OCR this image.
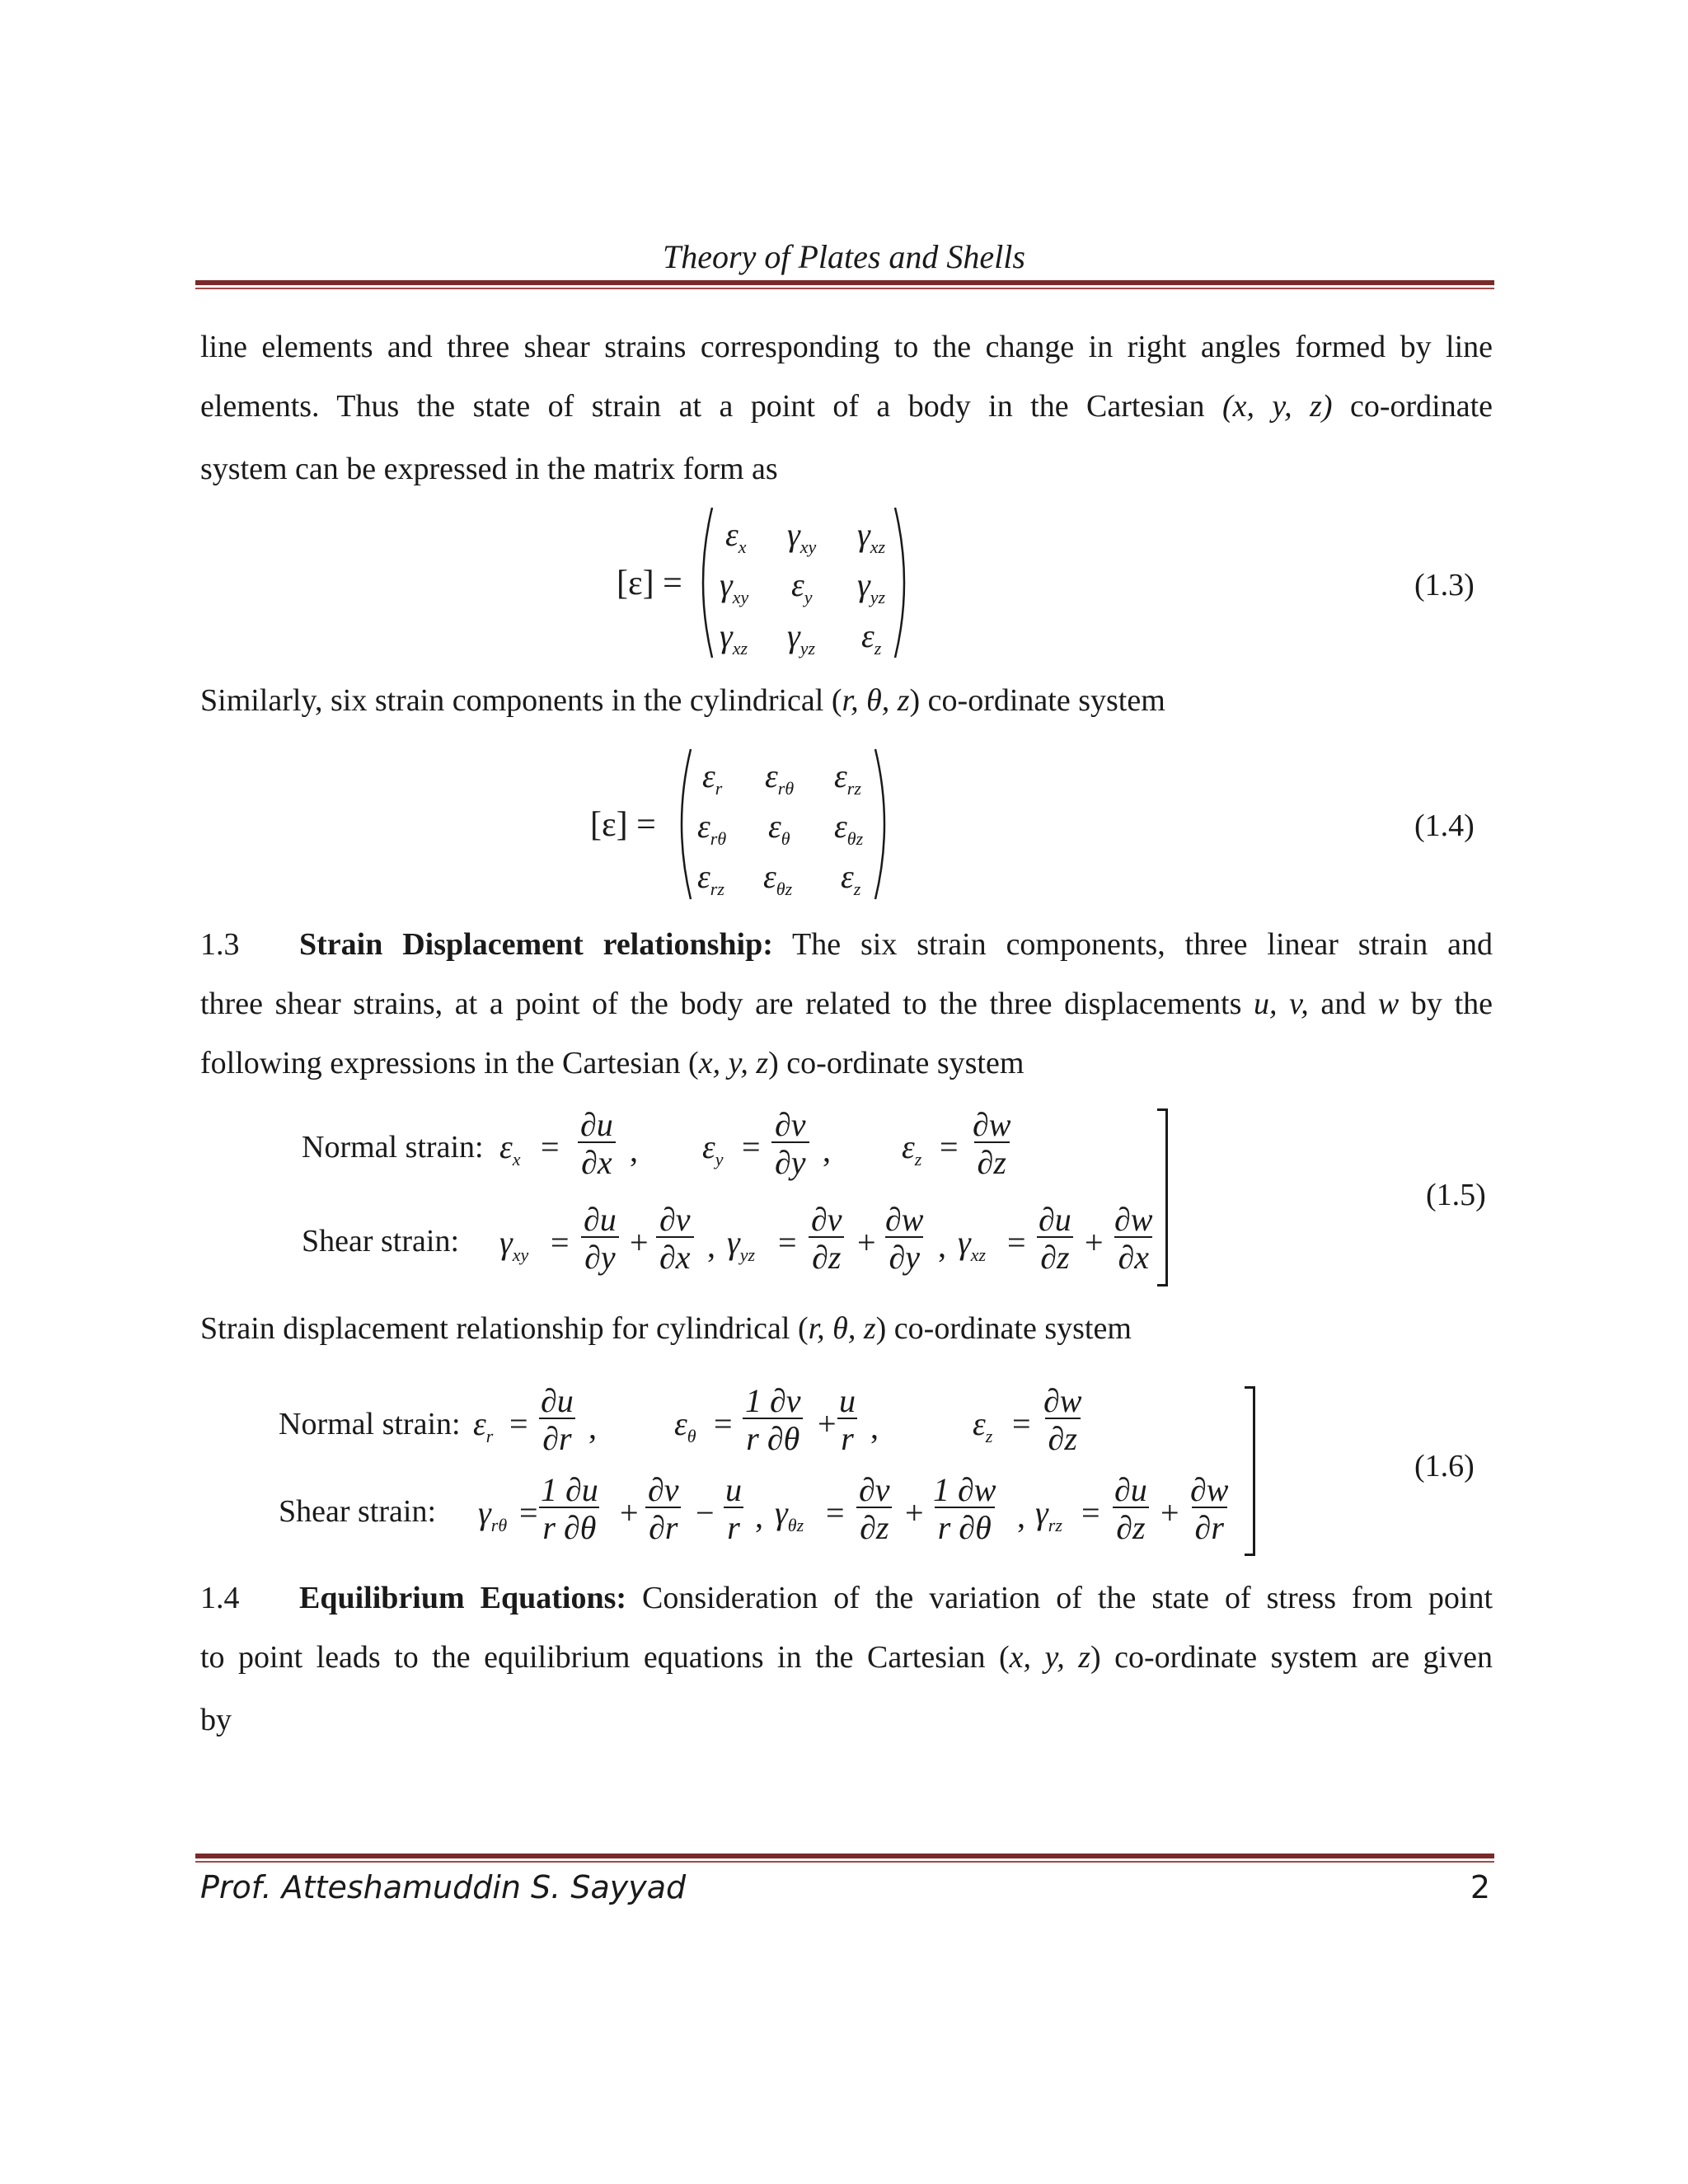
Theory of Plates and Shells
line elements and three shear strains corresponding to the change in right angles formed by line
elements. Thus the state of strain at a point of a body in the Cartesian (x, y, z) co-ordinate
system can be expressed in the matrix form as
[ε] =
$\varepsilon_x$ $\gamma_{xy}$ $\gamma_{xz}$
$\gamma_{xy}$ $\varepsilon_y$ $\gamma_{yz}$
$\gamma_{xz}$ $\gamma_{yz}$ $\varepsilon_z$
(1.3)
Similarly, six strain components in the cylindrical (r, θ, z) co-ordinate system
[ε] =
$\varepsilon_r$ $\varepsilon_{r\theta}$ $\varepsilon_{rz}$
$\varepsilon_{r\theta}$ $\varepsilon_\theta$ $\varepsilon_{\theta z}$
$\varepsilon_{rz}$ $\varepsilon_{\theta z}$ $\varepsilon_z$
(1.4)
1.3 Strain Displacement relationship: The six strain components, three linear strain and
three shear strains, at a point of the body are related to the three displacements u, v, and w by the
following expressions in the Cartesian (x, y, z) co-ordinate system
Normal strain: $\varepsilon_x = \frac{\partial u}{\partial x}$ , $\varepsilon_y = \frac{\partial v}{\partial y}$ , $\varepsilon_z = \frac{\partial w}{\partial z}$
Shear strain: $\gamma_{xy} = \frac{\partial u}{\partial y} + \frac{\partial v}{\partial x}$ , $\gamma_{yz} = \frac{\partial v}{\partial z} + \frac{\partial w}{\partial y}$ , $\gamma_{xz} = \frac{\partial u}{\partial z} + \frac{\partial w}{\partial x}$
(1.5)
Strain displacement relationship for cylindrical (r, θ, z) co-ordinate system
Normal strain: $\varepsilon_r = \frac{\partial u}{\partial r}$ , $\varepsilon_\theta = \frac{1 \partial v}{r \partial\theta} + \frac{u}{r}$ ,	$\varepsilon_z = \frac{\partial w}{\partial z}$
Shear strain: $\gamma_{r\theta} = \frac{1 \partial u}{r \partial\theta} + \frac{\partial v}{\partial r} - \frac{u}{r}$ , $\gamma_{\theta z} = \frac{\partial v}{\partial z} + \frac{1 \partial w}{r \partial\theta}$ , $\gamma_{rz} = \frac{\partial u}{\partial z} + \frac{\partial w}{\partial r}$
(1.6)
1.4 Equilibrium Equations: Consideration of the variation of the state of stress from point
to point leads to the equilibrium equations in the Cartesian (x, y, z) co-ordinate system are given
by
Prof. Atteshamuddin S. Sayyad	2
